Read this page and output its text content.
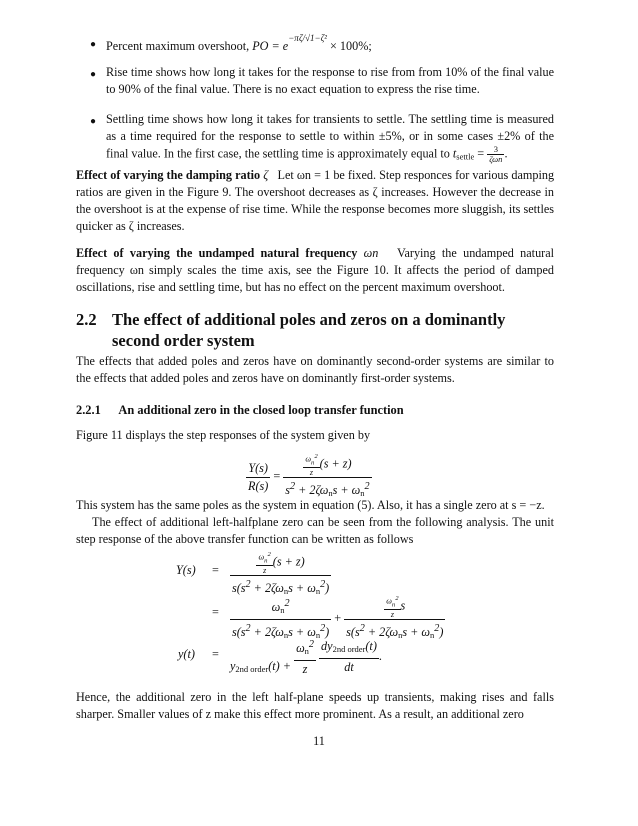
● Percent maximum overshoot, PO = $e^{-\pi\zeta/√1-\zeta^2} \times 100\%$;
● Rise time shows how long it takes for the response to rise from from 10% of the final value to 90% of the final value. There is no exact equation to express the rise time.
● Settling time shows how long it takes for transients to settle. The settling time is measured as a time required for the response to settle to within ±5%, or in some cases ±2% of the final value. In the first case, the settling time is approximately equal to $t_{settle} = \frac{3}{\text{ζωn}}$ .
Effect of varying the damping ratio ζ Let ωn = 1 be fixed. Step responces for various damping ratios are given in the Figure 9. The overshoot decreases as ζ increases. However the decrease in the overshoot is at the expense of rise time. While the response becomes more sluggish, its settles quicker as ζ increases.
Effect of varying the undamped natural frequency ωn Varying the undamped natural frequency ωn simply scales the time axis, see the Figure 10. It affects the period of damped oscillations, rise and settling time, but has no effect on the percent maximum overshoot.
2.2 The effect of additional poles and zeros on a dominantly second order system
The effects that added poles and zeros have on dominantly second-order systems are similar to the effects that added poles and zeros have on dominantly first-order systems.
2.2.1 An additional zero in the closed loop transfer function
Figure 11 displays the step responses of the system given by
$\frac{Y(s)}{R(s)} = \frac{\frac{\omega_n^2}{z} (s + z)}{s^2 + 2\zeta\omega_ns + \omega_n^2}$
This system has the same poles as the system in equation (5). Also, it has a single zero at s = −z.
The effect of additional left-halfplane zero can be seen from the following analysis. The unit step response of the above transfer function can be written as follows
$Y(s) = \frac{\frac{\omega_n^2}{z} (s + z)}{s(s^2 + 2\zeta\omega_ns + \omega_n^2)}$
= $\frac{\omega_n^2}{s(s^2 + 2\zeta\omega_ns + \omega_n^2)} + \frac{\frac{\omega_n^2}{z} s}{s(s^2 + 2\zeta\omega_ns + \omega_n^2)}$
y(t) =
$y_{2nd order}(t) + \frac{\omega_n^2}{z}$
$\frac{dy_{2nd order}(t)}{dt}$ .
Hence, the additional zero in the left half-plane speeds up transients, making rises and falls sharper. Smaller values of z make this effect more prominent. As a result, an additional zero
11
